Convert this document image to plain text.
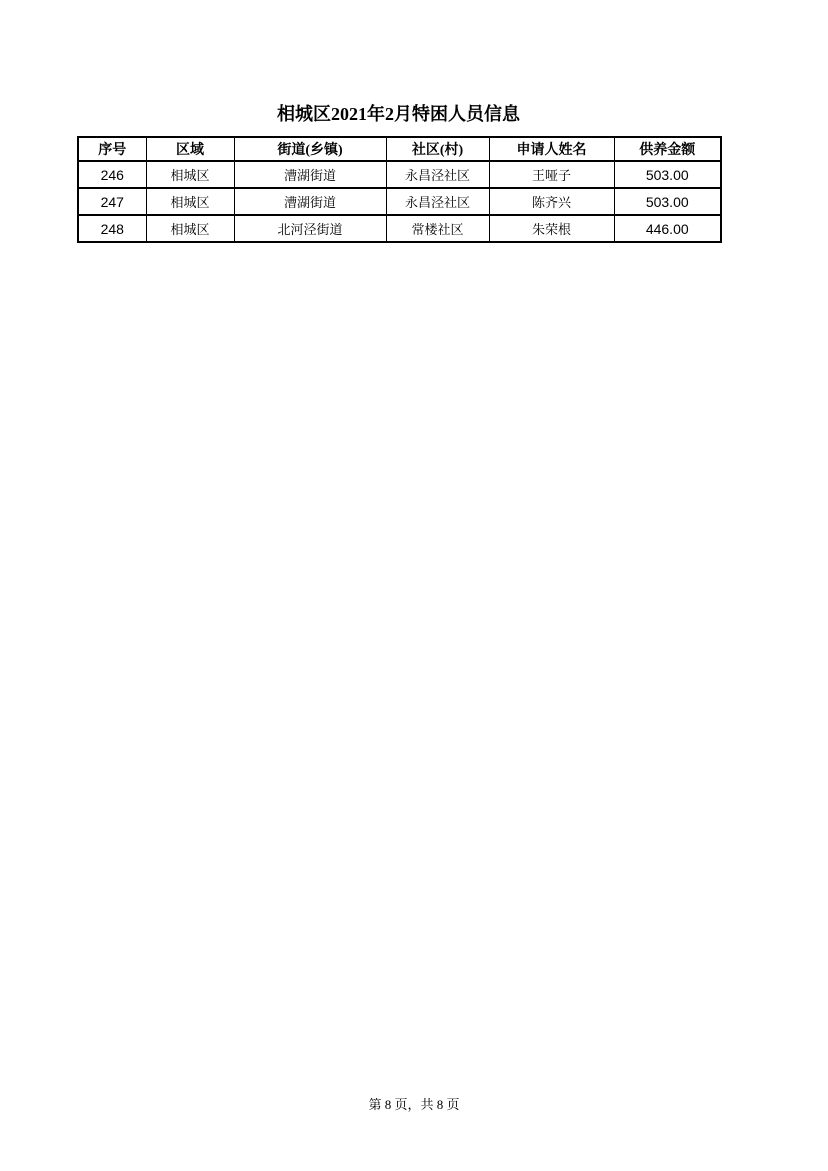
相城区2021年2月特困人员信息
序号	区域	街道(乡镇)	社区(村)	申请人姓名	供养金额
246	相城区	漕湖街道	永昌泾社区	王哑子	503.00
247	相城区	漕湖街道	永昌泾社区	陈齐兴	503.00
248	相城区	北河泾街道	常楼社区	朱荣根	446.00
第 8 页，共 8 页
